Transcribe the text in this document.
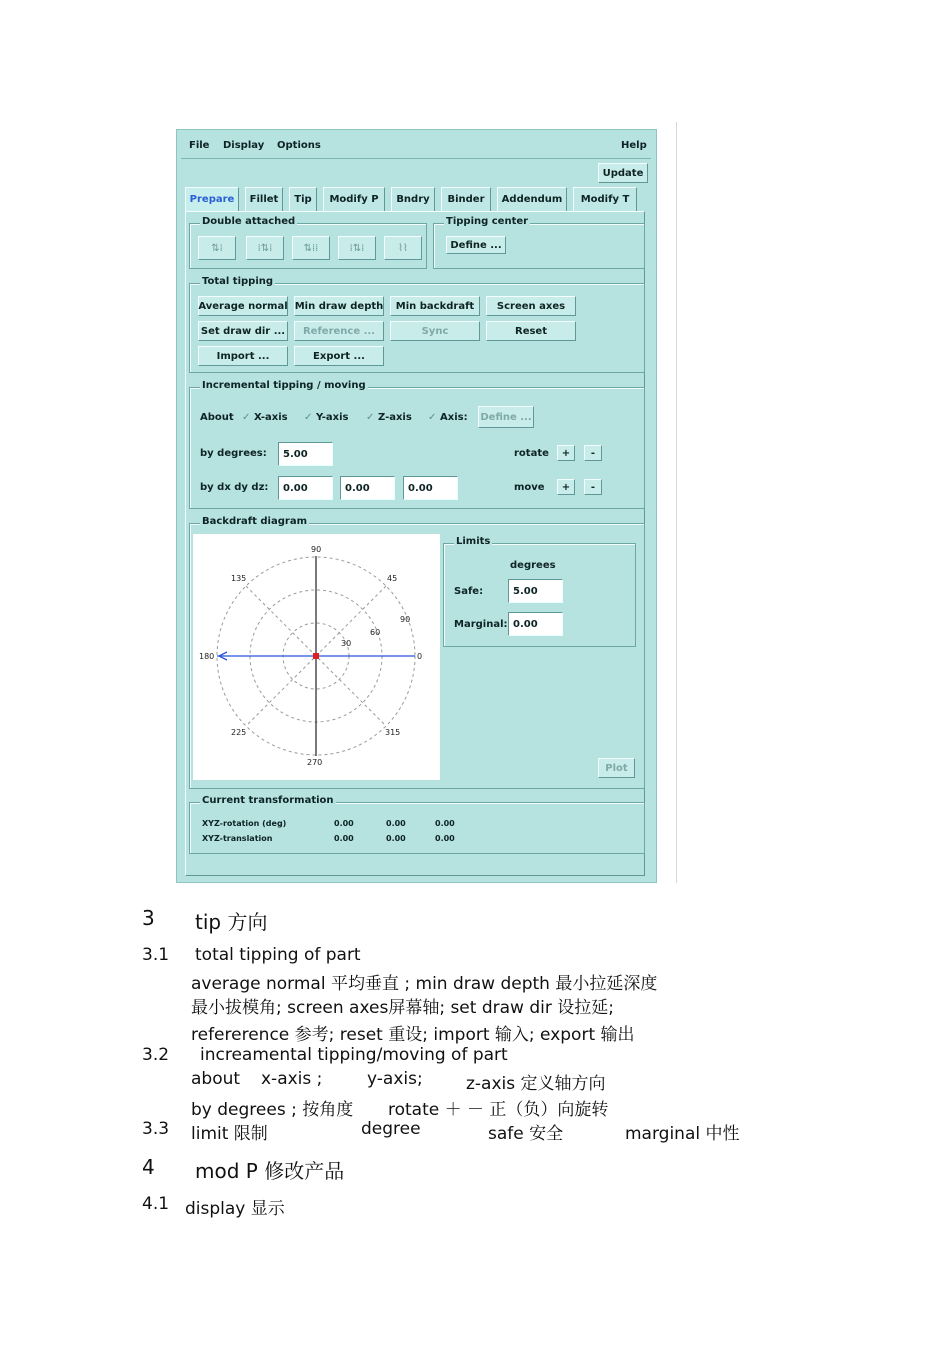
File Display Options	Help
Update
Prepare	Fillet	Tip	Modify P	Bndry	Binder	Addendum	Modify T
Double attached
⇅⁞	⁞⇅⁞	⇅⁞⁞	⁞⇅⁞	⌇⌇
Tipping center
Define ...
Total tipping
Average normal Min draw depth	Min backdraft	Screen axes
Set draw dir ...	Reference ...	Sync	Reset
Import ...	Export ...
Incremental tipping / moving
About ✓ X-axis ✓ Y-axis ✓ Z-axis ✓ Axis: Define ...
by degrees:	5.00	rotate	+	-
by dx dy dz:	0.00	0.00	0.00	move	+	-
Backdraft diagram
90
135	45
180	0
225	315
270
90
60
30
Limits
degrees
Safe:	5.00
Marginal: 0.00
Plot
Current transformation
XYZ-rotation (deg)	0.00	0.00	0.00
XYZ-translation	0.00	0.00	0.00
3 tip 方向
3.1 total tipping of part
average normal 平均垂直 ; min draw depth 最小拉延深度
最小拔模角; screen axes屏幕轴; set draw dir 设拉延;
refererence 参考; reset 重设; import 输入; export 输出
3.2 increamental tipping/moving of part
about x-axis ;	y-axis;	z-axis 定义轴方向
by degrees ; 按角度 rotate ＋ － 正（负）向旋转
3.3 limit 限制	degree	safe 安全	marginal 中性
4 mod P 修改产品
4.1 display 显示
